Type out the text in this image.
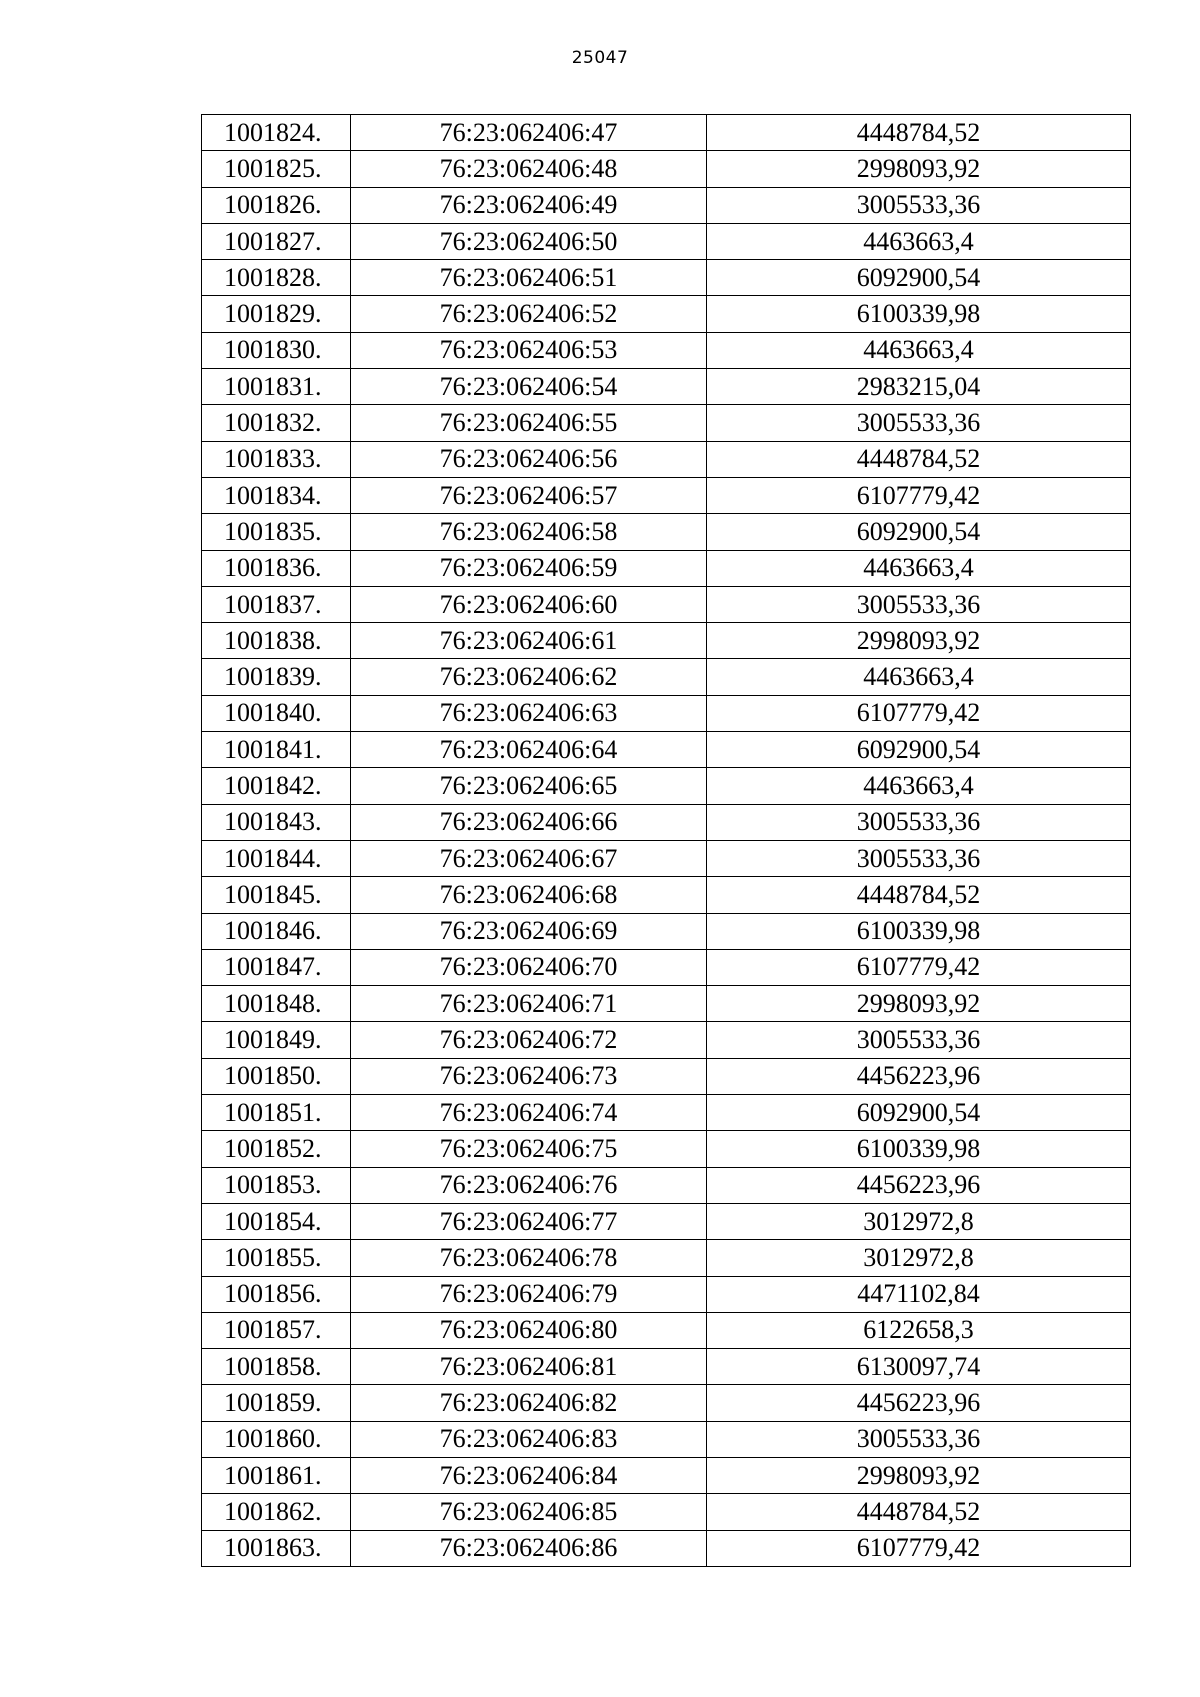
25047
1001824.	76:23:062406:47	4448784,52
1001825.	76:23:062406:48	2998093,92
1001826.	76:23:062406:49	3005533,36
1001827.	76:23:062406:50	4463663,4
1001828.	76:23:062406:51	6092900,54
1001829.	76:23:062406:52	6100339,98
1001830.	76:23:062406:53	4463663,4
1001831.	76:23:062406:54	2983215,04
1001832.	76:23:062406:55	3005533,36
1001833.	76:23:062406:56	4448784,52
1001834.	76:23:062406:57	6107779,42
1001835.	76:23:062406:58	6092900,54
1001836.	76:23:062406:59	4463663,4
1001837.	76:23:062406:60	3005533,36
1001838.	76:23:062406:61	2998093,92
1001839.	76:23:062406:62	4463663,4
1001840.	76:23:062406:63	6107779,42
1001841.	76:23:062406:64	6092900,54
1001842.	76:23:062406:65	4463663,4
1001843.	76:23:062406:66	3005533,36
1001844.	76:23:062406:67	3005533,36
1001845.	76:23:062406:68	4448784,52
1001846.	76:23:062406:69	6100339,98
1001847.	76:23:062406:70	6107779,42
1001848.	76:23:062406:71	2998093,92
1001849.	76:23:062406:72	3005533,36
1001850.	76:23:062406:73	4456223,96
1001851.	76:23:062406:74	6092900,54
1001852.	76:23:062406:75	6100339,98
1001853.	76:23:062406:76	4456223,96
1001854.	76:23:062406:77	3012972,8
1001855.	76:23:062406:78	3012972,8
1001856.	76:23:062406:79	4471102,84
1001857.	76:23:062406:80	6122658,3
1001858.	76:23:062406:81	6130097,74
1001859.	76:23:062406:82	4456223,96
1001860.	76:23:062406:83	3005533,36
1001861.	76:23:062406:84	2998093,92
1001862.	76:23:062406:85	4448784,52
1001863.	76:23:062406:86	6107779,42
